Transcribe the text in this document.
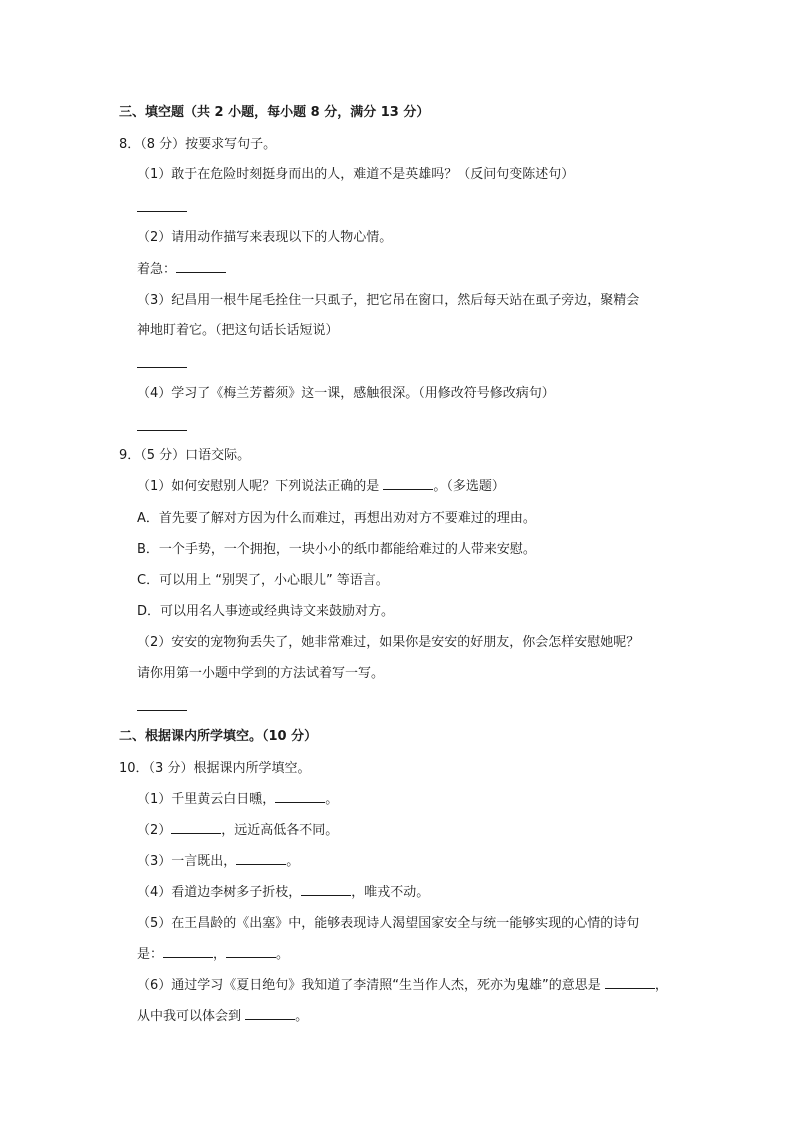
三、填空题（共 2 小题，每小题 8 分，满分 13 分）
8．（8 分）按要求写句子。
（1）敢于在危险时刻挺身而出的人，难道不是英雄吗？（反问句变陈述句）
（2）请用动作描写来表现以下的人物心情。
着急：
（3）纪昌用一根牛尾毛拴住一只虱子，把它吊在窗口，然后每天站在虱子旁边，聚精会
神地盯着它。（把这句话长话短说）
（4）学习了《梅兰芳蓄须》这一课，感触很深。（用修改符号修改病句）
9．（5 分）口语交际。
（1）如何安慰别人呢？下列说法正确的是	。（多选题）
A．首先要了解对方因为什么而难过，再想出劝对方不要难过的理由。
B．一个手势，一个拥抱，一块小小的纸巾都能给难过的人带来安慰。
C．可以用上 “别哭了，小心眼儿” 等语言。
D．可以用名人事迹或经典诗文来鼓励对方。
（2）安安的宠物狗丢失了，她非常难过，如果你是安安的好朋友，你会怎样安慰她呢？
请你用第一小题中学到的方法试着写一写。
二、根据课内所学填空。（10 分）
10．（3 分）根据课内所学填空。
（1）千里黄云白日曛，	。
（2）	，远近高低各不同。
（3）一言既出，	。
（4）看道边李树多子折枝，	，唯戎不动。
（5）在王昌龄的《出塞》中，能够表现诗人渴望国家安全与统一能够实现的心情的诗句
是：	，	。
（6）通过学习《夏日绝句》我知道了李清照“生当作人杰，死亦为鬼雄”的意思是	，
从中我可以体会到	。
